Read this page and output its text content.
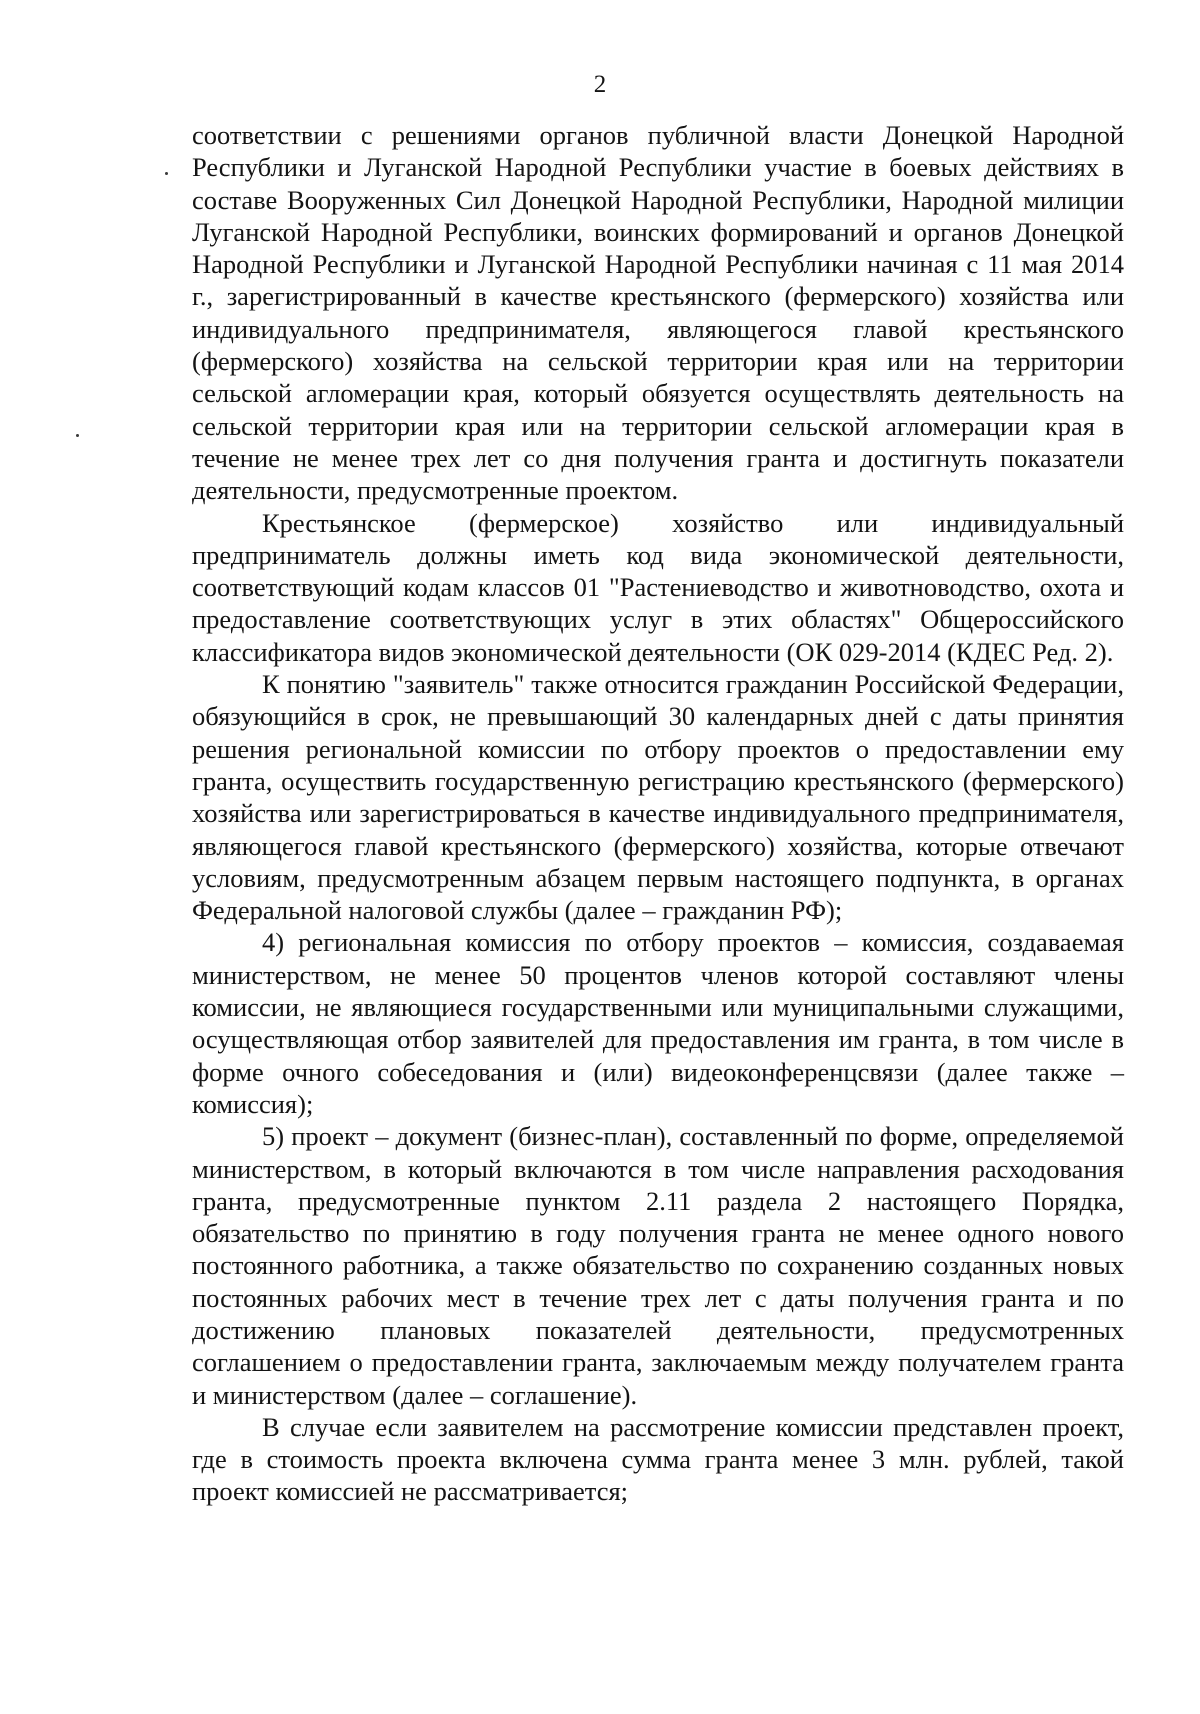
2

соответствии с решениями органов публичной власти Донецкой Народной Республики и Луганской Народной Республики участие в боевых действиях в составе Вооруженных Сил Донецкой Народной Республики, Народной милиции Луганской Народной Республики, воинских формирований и органов Донецкой Народной Республики и Луганской Народной Республики начиная с 11 мая 2014 г., зарегистрированный в качестве крестьянского (фермерского) хозяйства или индивидуального предпринимателя, являющегося главой крестьянского (фермерского) хозяйства на сельской территории края или на территории сельской агломерации края, который обязуется осуществлять деятельность на сельской территории края или на территории сельской агломерации края в течение не менее трех лет со дня получения гранта и достигнуть показатели деятельности, предусмотренные проектом.

Крестьянское (фермерское) хозяйство или индивидуальный предприниматель должны иметь код вида экономической деятельности, соответствующий кодам классов 01 "Растениеводство и животноводство, охота и предоставление соответствующих услуг в этих областях" Общероссийского классификатора видов экономической деятельности (ОК 029-2014 (КДЕС Ред. 2).

К понятию "заявитель" также относится гражданин Российской Федерации, обязующийся в срок, не превышающий 30 календарных дней с даты принятия решения региональной комиссии по отбору проектов о предоставлении ему гранта, осуществить государственную регистрацию крестьянского (фермерского) хозяйства или зарегистрироваться в качестве индивидуального предпринимателя, являющегося главой крестьянского (фермерского) хозяйства, которые отвечают условиям, предусмотренным абзацем первым настоящего подпункта, в органах Федеральной налоговой службы (далее – гражданин РФ);

4) региональная комиссия по отбору проектов – комиссия, создаваемая министерством, не менее 50 процентов членов которой составляют члены комиссии, не являющиеся государственными или муниципальными служащими, осуществляющая отбор заявителей для предоставления им гранта, в том числе в форме очного собеседования и (или) видеоконференцсвязи (далее также – комиссия);

5) проект – документ (бизнес-план), составленный по форме, определяемой министерством, в который включаются в том числе направления расходования гранта, предусмотренные пунктом 2.11 раздела 2 настоящего Порядка, обязательство по принятию в году получения гранта не менее одного нового постоянного работника, а также обязательство по сохранению созданных новых постоянных рабочих мест в течение трех лет с даты получения гранта и по достижению плановых показателей деятельности, предусмотренных соглашением о предоставлении гранта, заключаемым между получателем гранта и министерством (далее – соглашение).

В случае если заявителем на рассмотрение комиссии представлен проект, где в стоимость проекта включена сумма гранта менее 3 млн. рублей, такой проект комиссией не рассматривается;
